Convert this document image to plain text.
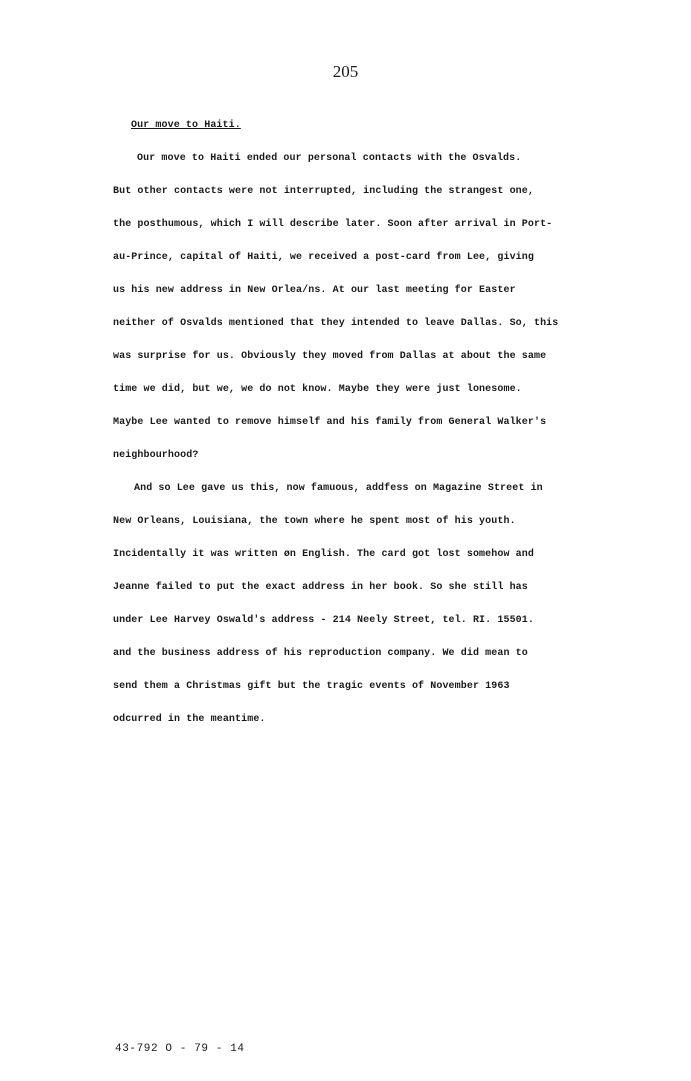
205
Our move to Haiti.
Our move to Haiti ended our personal contacts with the Osvalds.
But other contacts were not interrupted, including the strangest one,
the posthumous, which I will describe later. Soon after arrival in Port-
au-Prince, capital of Haiti, we received a post-card from Lee, giving
us his new address in New Orlea/ns. At our last meeting for Easter
neither of Osvalds mentioned that they intended to leave Dallas. So, this
was surprise for us. Obviously they moved from Dallas at about the same
time we did, but we, we do not know. Maybe they were just lonesome.
Maybe Lee wanted to remove himself and his family from General Walker's
neighbourhood?
And so Lee gave us this, now famuous, addfess on Magazine Street in
New Orleans, Louisiana, the town where he spent most of his youth.
Incidentally it was written øn English. The card got lost somehow and
Jeanne failed to put the exact address in her book. So she still has
under Lee Harvey Oswald's address - 214 Neely Street, tel. RI. 15501.
and the business address of his reproduction company. We did mean to
send them a Christmas gift but the tragic events of November 1963
odcurred in the meantime.
43-792 O - 79 - 14
